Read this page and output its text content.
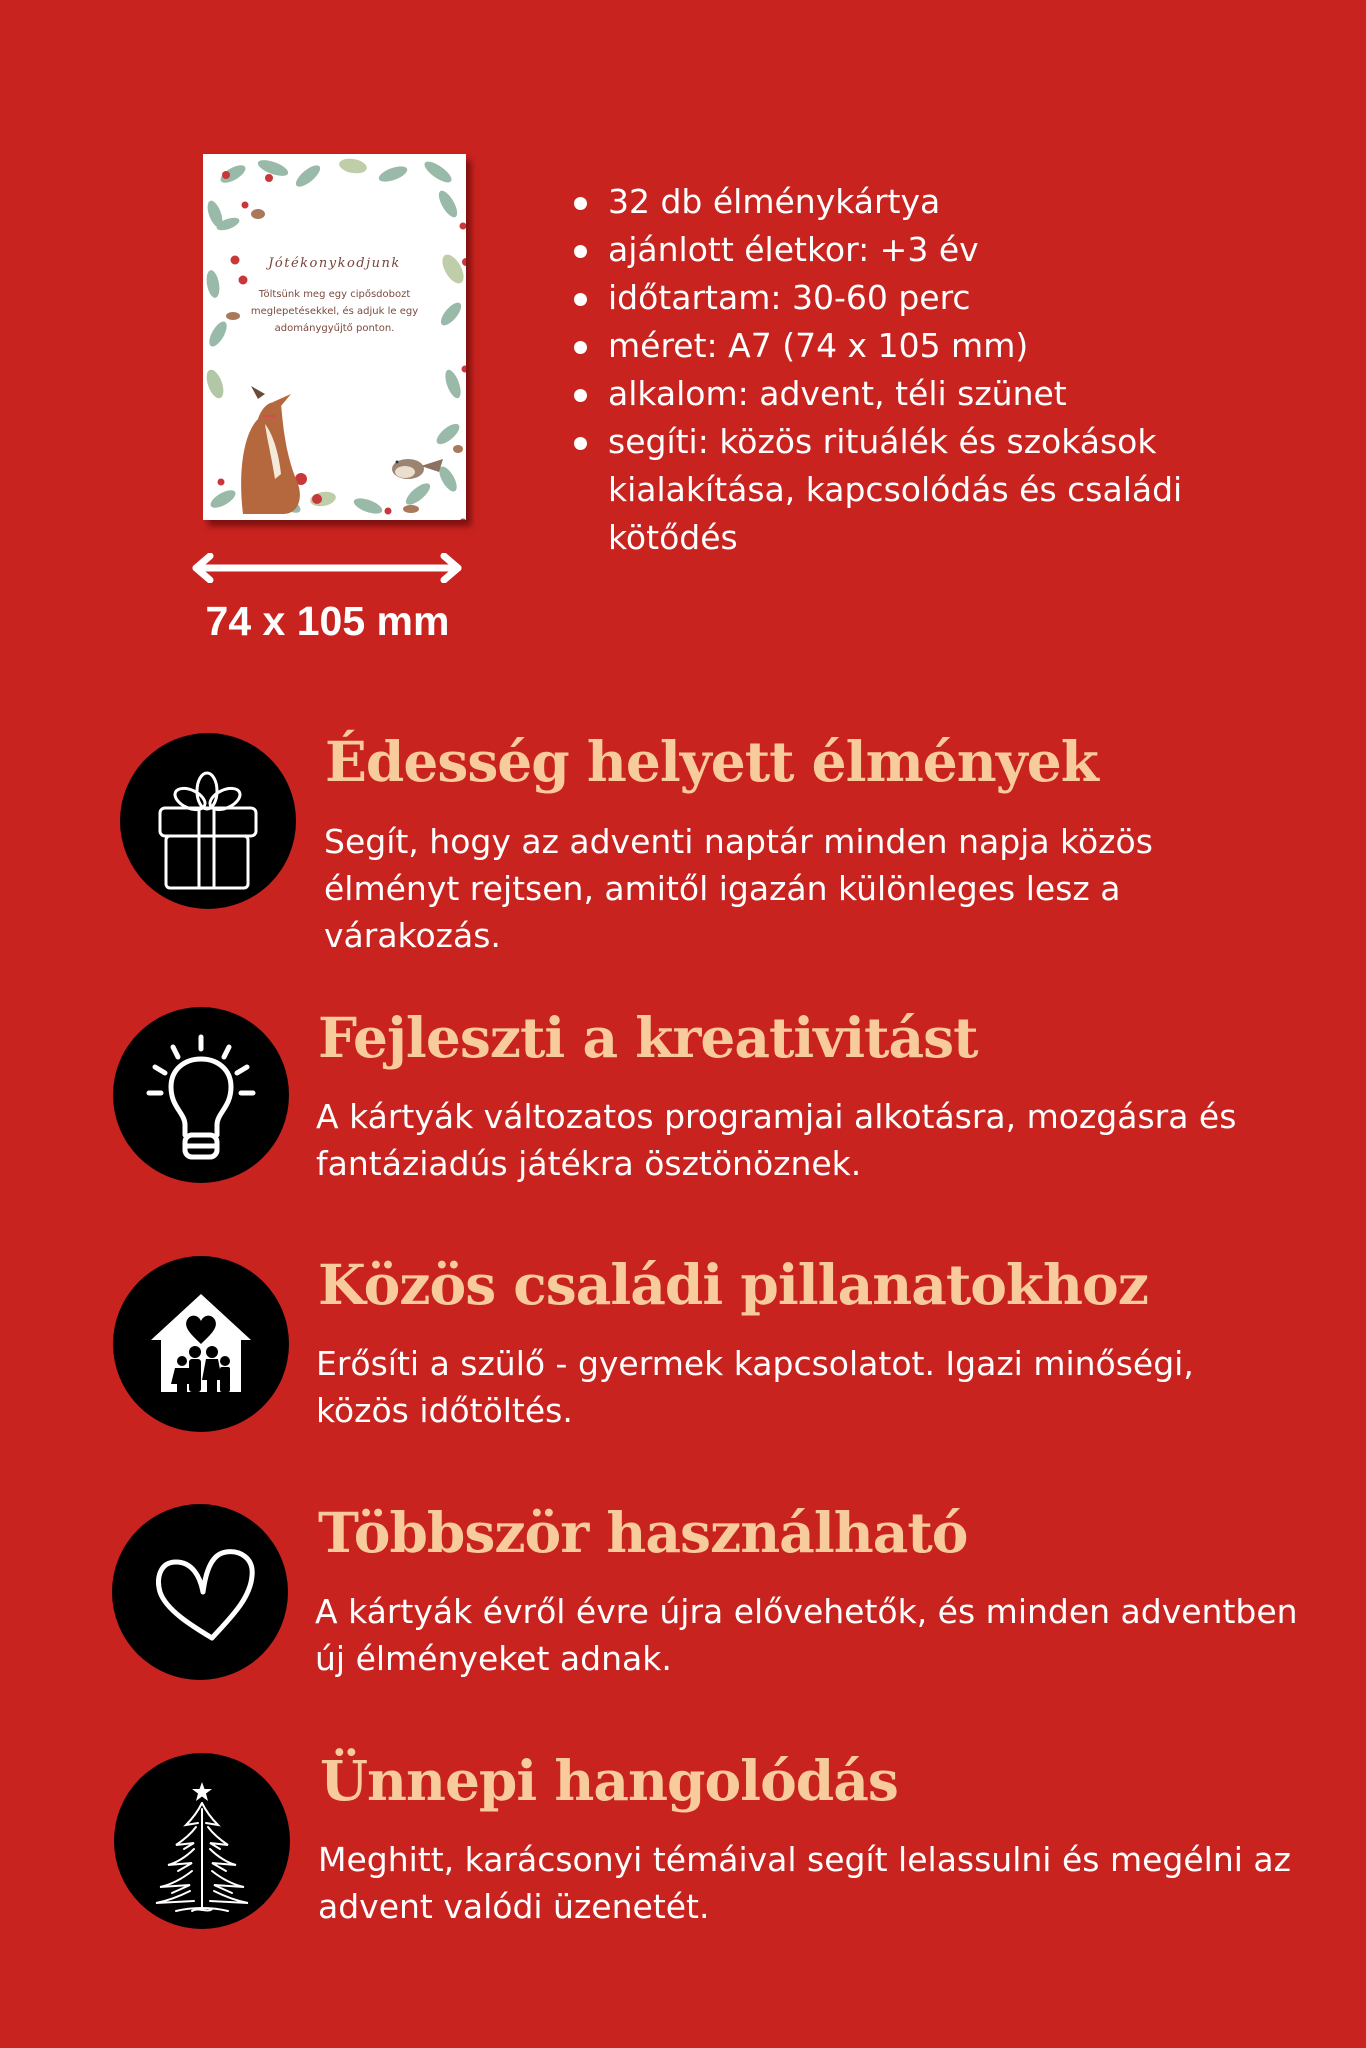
Jótékonykodjunk
Töltsünk meg egy cipősdobozt meglepetésekkel, és adjuk le egy adománygyűjtő ponton.
74 x 105 mm
32 db élménykártya
ajánlott életkor: +3 év
időtartam: 30-60 perc
méret: A7 (74 x 105 mm)
alkalom: advent, téli szünet
segíti: közös rituálék és szokások kialakítása, kapcsolódás és családi kötődés
Édesség helyett élmények
Segít, hogy az adventi naptár minden napja közös élményt rejtsen, amitől igazán különleges lesz a várakozás.
Fejleszti a kreativitást
A kártyák változatos programjai alkotásra, mozgásra és fantáziadús játékra ösztönöznek.
Közös családi pillanatokhoz
Erősíti a szülő - gyermek kapcsolatot. Igazi minőségi, közös időtöltés.
Többször használható
A kártyák évről évre újra elővehetők, és minden adventben új élményeket adnak.
Ünnepi hangolódás
Meghitt, karácsonyi témáival segít lelassulni és megélni az advent valódi üzenetét.
